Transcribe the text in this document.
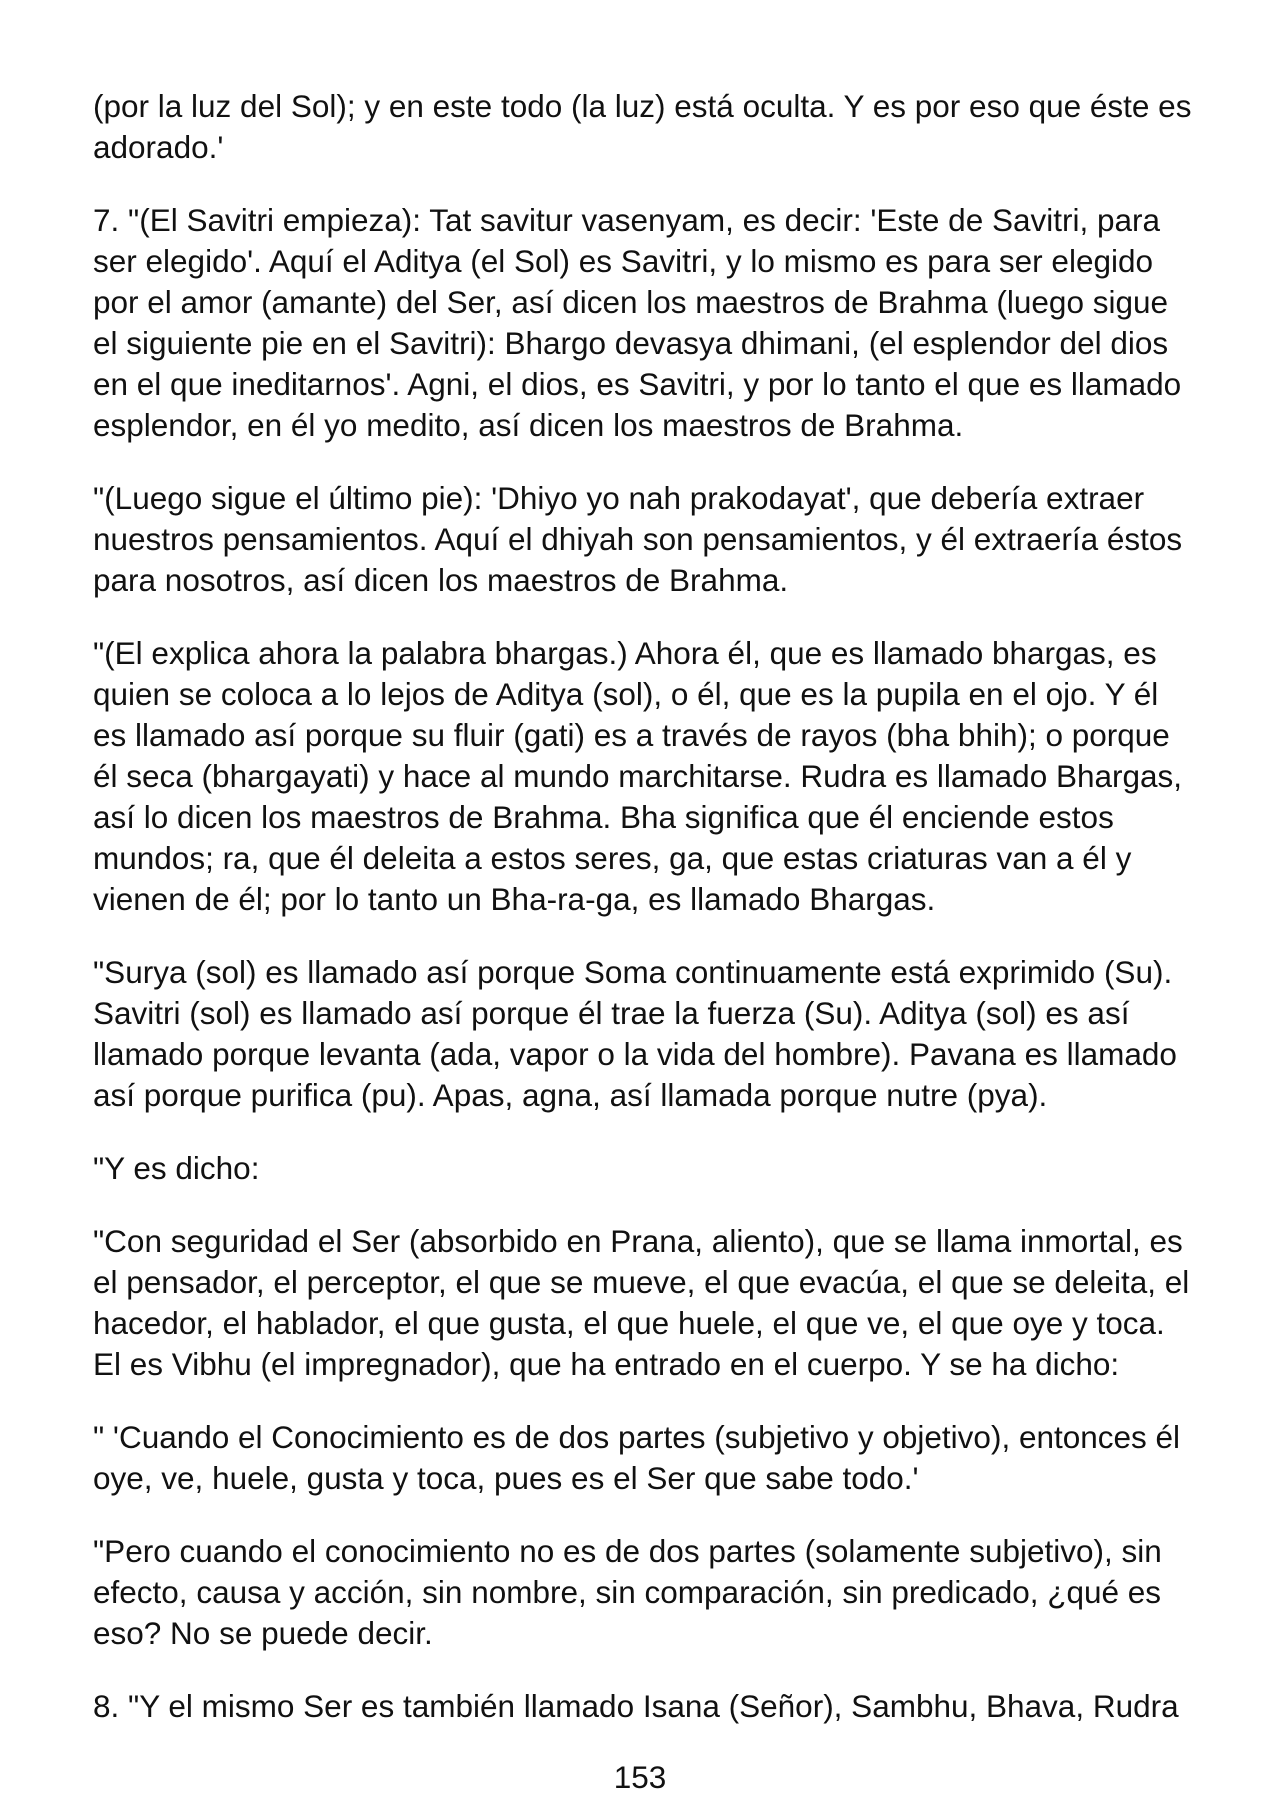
(por la luz del Sol); y en este todo (la luz) está oculta. Y es por eso que éste es
adorado.'
7. "(El Savitri empieza): Tat savitur vasenyam, es decir: 'Este de Savitri, para
ser elegido'. Aquí el Aditya (el Sol) es Savitri, y lo mismo es para ser elegido
por el amor (amante) del Ser, así dicen los maestros de Brahma (luego sigue
el siguiente pie en el Savitri): Bhargo devasya dhimani, (el esplendor del dios
en el que ineditarnos'. Agni, el dios, es Savitri, y por lo tanto el que es llamado
esplendor, en él yo medito, así dicen los maestros de Brahma.
"(Luego sigue el último pie): 'Dhiyo yo nah prakodayat', que debería extraer
nuestros pensamientos. Aquí el dhiyah son pensamientos, y él extraería éstos
para nosotros, así dicen los maestros de Brahma.
"(El explica ahora la palabra bhargas.) Ahora él, que es llamado bhargas, es
quien se coloca a lo lejos de Aditya (sol), o él, que es la pupila en el ojo. Y él
es llamado así porque su fluir (gati) es a través de rayos (bha bhih); o porque
él seca (bhargayati) y hace al mundo marchitarse. Rudra es llamado Bhargas,
así lo dicen los maestros de Brahma. Bha significa que él enciende estos
mundos; ra, que él deleita a estos seres, ga, que estas criaturas van a él y
vienen de él; por lo tanto un Bha-ra-ga, es llamado Bhargas.
"Surya (sol) es llamado así porque Soma continuamente está exprimido (Su).
Savitri (sol) es llamado así porque él trae la fuerza (Su). Aditya (sol) es así
llamado porque levanta (ada, vapor o la vida del hombre). Pavana es llamado
así porque purifica (pu). Apas, agna, así llamada porque nutre (pya).
"Y es dicho:
"Con seguridad el Ser (absorbido en Prana, aliento), que se llama inmortal, es
el pensador, el perceptor, el que se mueve, el que evacúa, el que se deleita, el
hacedor, el hablador, el que gusta, el que huele, el que ve, el que oye y toca.
El es Vibhu (el impregnador), que ha entrado en el cuerpo. Y se ha dicho:
" 'Cuando el Conocimiento es de dos partes (subjetivo y objetivo), entonces él
oye, ve, huele, gusta y toca, pues es el Ser que sabe todo.'
"Pero cuando el conocimiento no es de dos partes (solamente subjetivo), sin
efecto, causa y acción, sin nombre, sin comparación, sin predicado, ¿qué es
eso? No se puede decir.
8. "Y el mismo Ser es también llamado Isana (Señor), Sambhu, Bhava, Rudra
153
